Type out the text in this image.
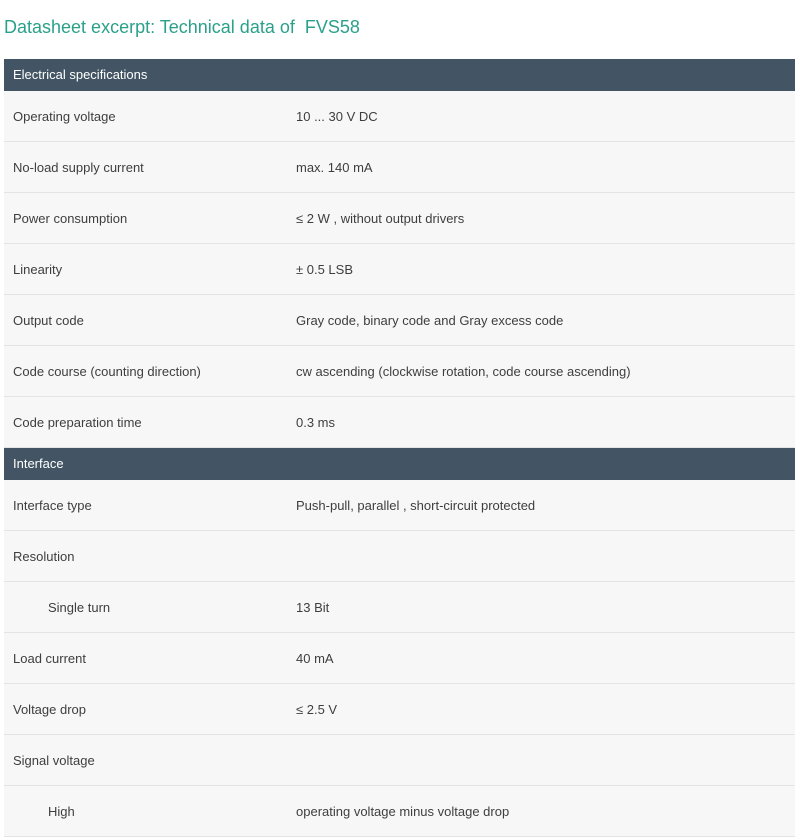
Datasheet excerpt: Technical data of  FVS58
Electrical specifications
Operating voltage	10 ... 30 V DC
No-load supply current	max. 140 mA
Power consumption	≤ 2 W , without output drivers
Linearity	± 0.5 LSB
Output code	Gray code, binary code and Gray excess code
Code course (counting direction)	cw ascending (clockwise rotation, code course ascending)
Code preparation time	0.3 ms
Interface
Interface type	Push-pull, parallel , short-circuit protected
Resolution
Single turn	13 Bit
Load current	40 mA
Voltage drop	≤ 2.5 V
Signal voltage
High	operating voltage minus voltage drop
